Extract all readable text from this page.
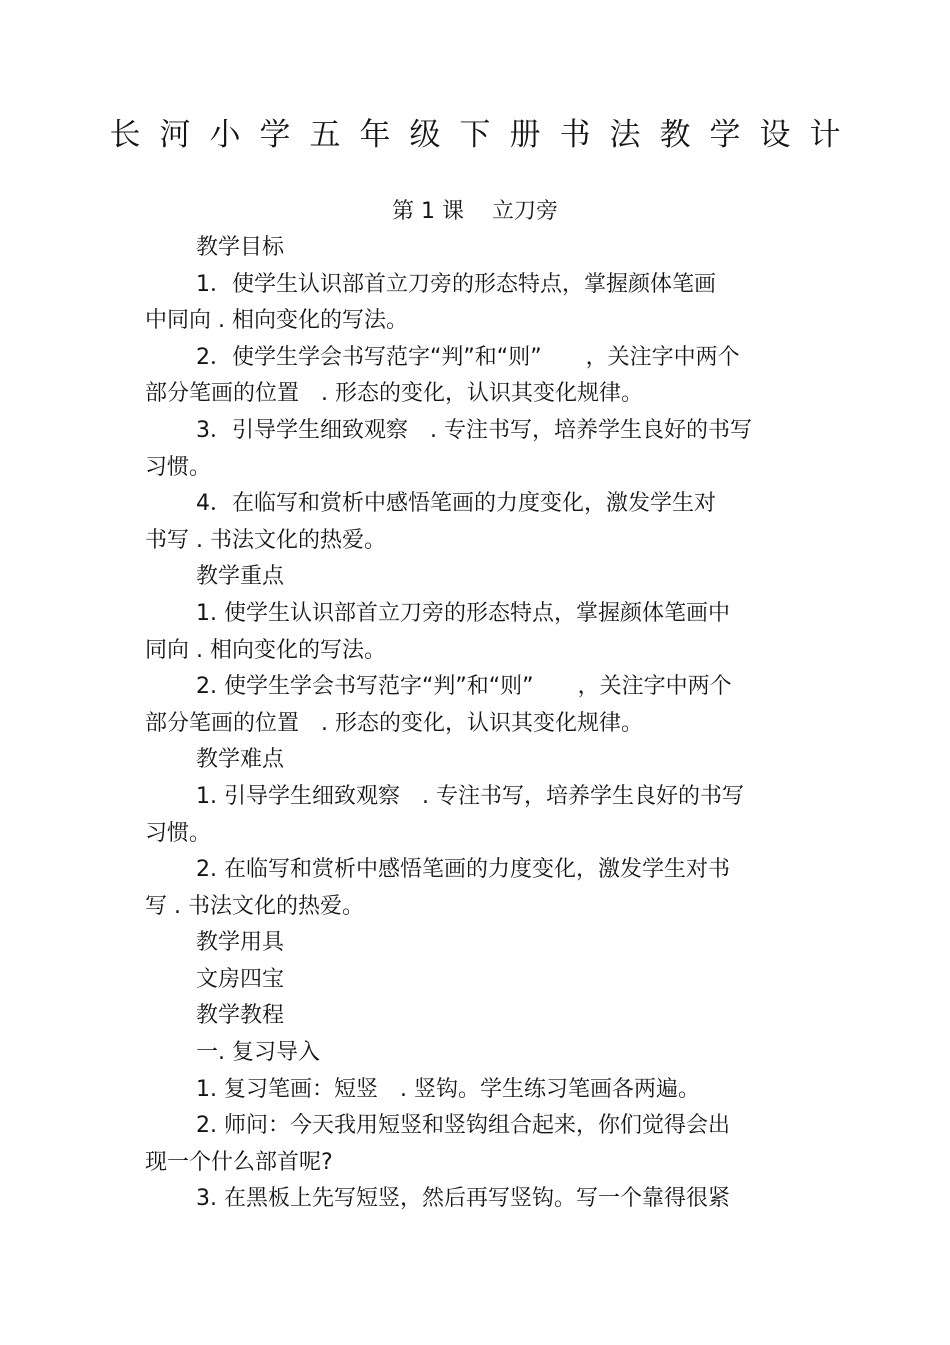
长河小学五年级下册书法教学设计
第 1 课 立刀旁
教学目标
1．使学生认识部首立刀旁的形态特点，掌握颜体笔画
中同向 . 相向变化的写法。
2．使学生学会书写范字“判”和“则”　　，关注字中两个
部分笔画的位置　. 形态的变化，认识其变化规律。
3．引导学生细致观察　. 专注书写，培养学生良好的书写
习惯。
4．在临写和赏析中感悟笔画的力度变化，激发学生对
书写 . 书法文化的热爱。
教学重点
1. 使学生认识部首立刀旁的形态特点，掌握颜体笔画中
同向 . 相向变化的写法。
2. 使学生学会书写范字“判”和“则”　　，关注字中两个
部分笔画的位置　. 形态的变化，认识其变化规律。
教学难点
1. 引导学生细致观察　. 专注书写，培养学生良好的书写
习惯。
2. 在临写和赏析中感悟笔画的力度变化，激发学生对书
写 . 书法文化的热爱。
教学用具
文房四宝
教学教程
一. 复习导入
1. 复习笔画：短竖　. 竖钩。学生练习笔画各两遍。
2. 师问：今天我用短竖和竖钩组合起来，你们觉得会出
现一个什么部首呢?
3. 在黑板上先写短竖，然后再写竖钩。写一个靠得很紧
